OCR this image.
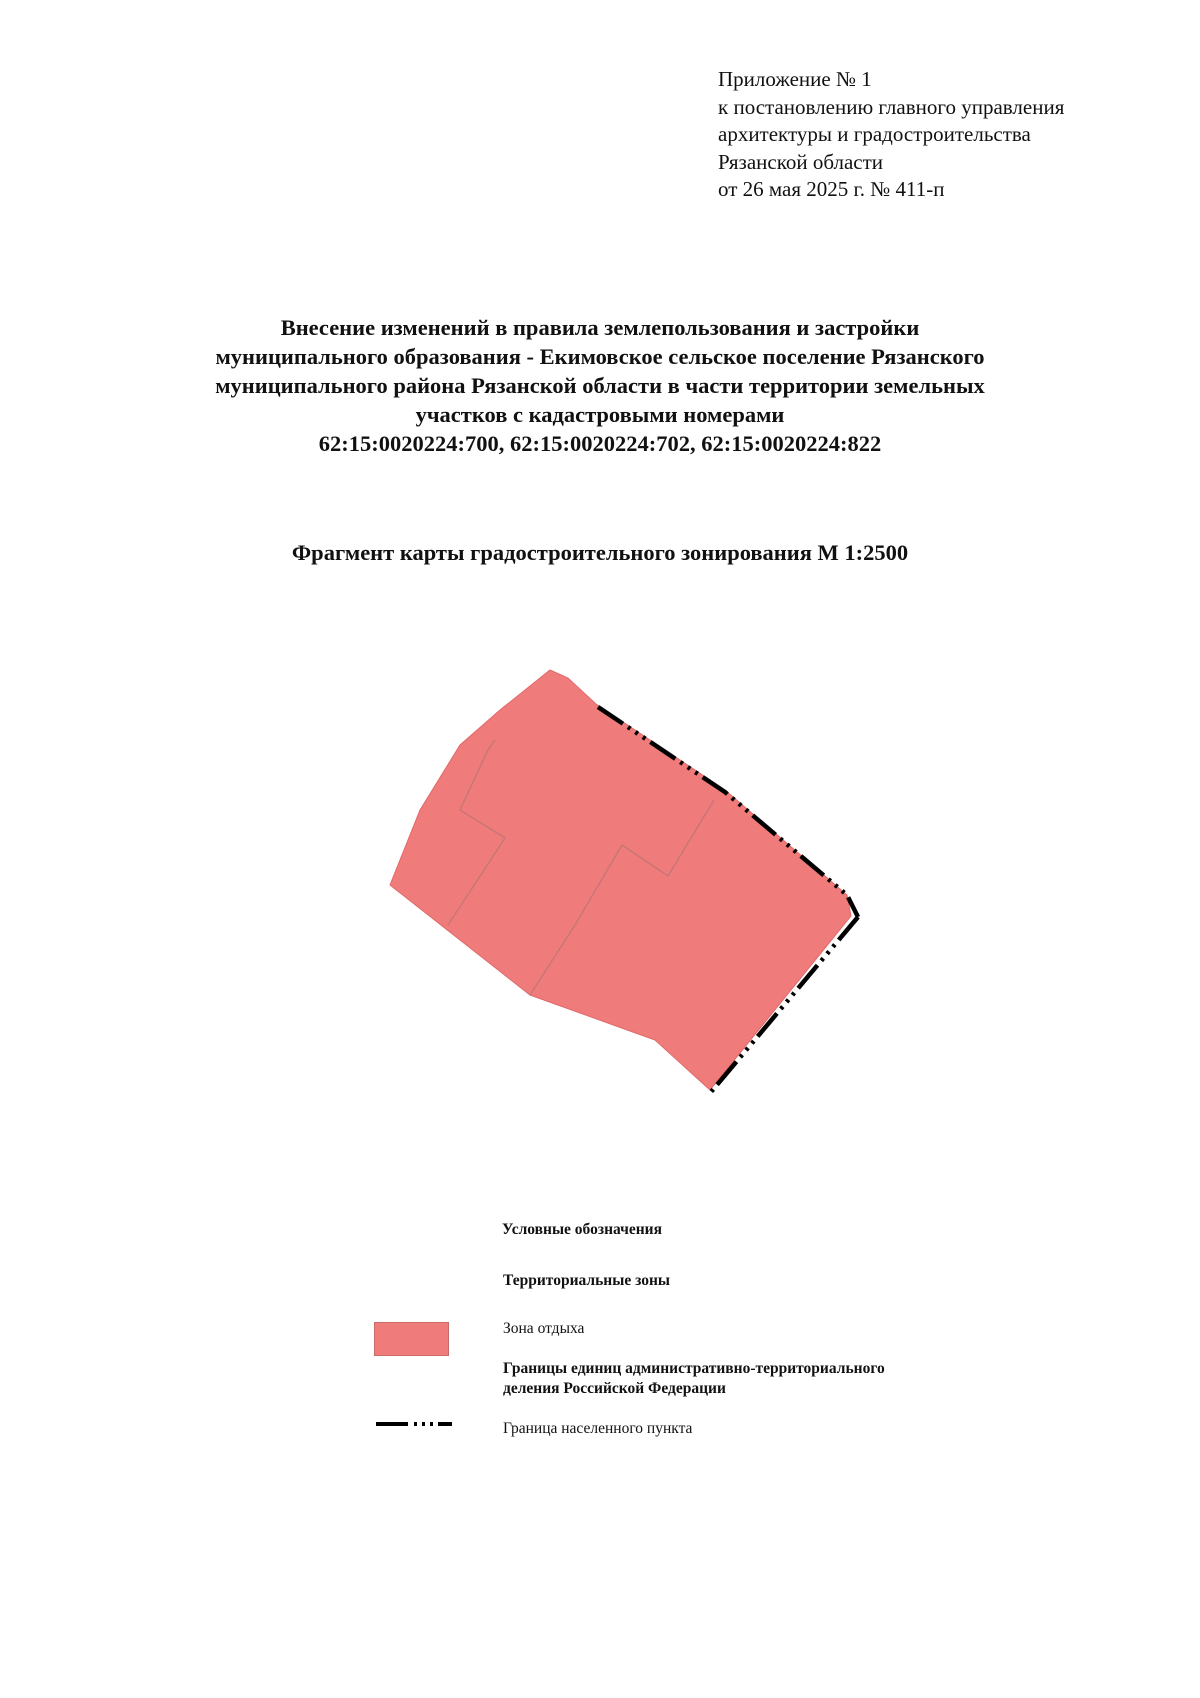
Приложение № 1
к постановлению главного управления
архитектуры и градостроительства
Рязанской области
от 26 мая 2025 г. № 411-п
Внесение изменений в правила землепользования и застройки
муниципального образования - Екимовское сельское поселение Рязанского
муниципального района Рязанской области в части территории земельных
участков с кадастровыми номерами
62:15:0020224:700, 62:15:0020224:702, 62:15:0020224:822
Фрагмент карты градостроительного зонирования М 1:2500
Условные обозначения
Территориальные зоны
Зона отдыха
Границы единиц административно-территориального
деления Российской Федерации
Граница населенного пункта
